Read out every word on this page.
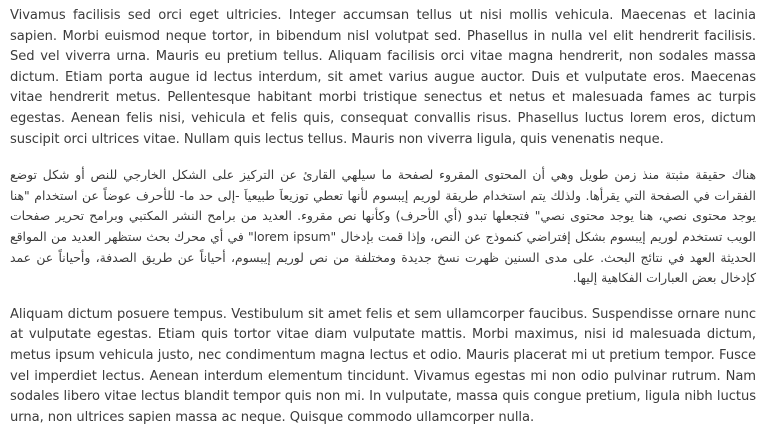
Vivamus facilisis sed orci eget ultricies. Integer accumsan tellus ut nisi mollis vehicula. Maecenas et lacinia sapien. Morbi euismod neque tortor, in bibendum nisl volutpat sed. Phasellus in nulla vel elit hendrerit facilisis. Sed vel viverra urna. Mauris eu pretium tellus. Aliquam facilisis orci vitae magna hendrerit, non sodales massa dictum. Etiam porta augue id lectus interdum, sit amet varius augue auctor. Duis et vulputate eros. Maecenas vitae hendrerit metus. Pellentesque habitant morbi tristique senectus et netus et malesuada fames ac turpis egestas. Aenean felis nisi, vehicula et felis quis, consequat convallis risus. Phasellus luctus lorem eros, dictum suscipit orci ultrices vitae. Nullam quis lectus tellus. Mauris non viverra ligula, quis venenatis neque.

هناك حقيقة مثبتة منذ زمن طويل وهي أن المحتوى المقروء لصفحة ما سيلهي القارئ عن التركيز على الشكل الخارجي للنص أو شكل توضع الفقرات في الصفحة التي يقرأها. ولذلك يتم استخدام طريقة لوريم إيبسوم لأنها تعطي توزيعاَ طبيعياَ -إلى حد ما- للأحرف عوضاً عن استخدام "هنا يوجد محتوى نصي، هنا يوجد محتوى نصي" فتجعلها تبدو (أي الأحرف) وكأنها نص مقروء. العديد من برامح النشر المكتبي وبرامح تحرير صفحات الويب تستخدم لوريم إيبسوم بشكل إفتراضي كنموذج عن النص، وإذا قمت بإدخال "lorem ipsum" في أي محرك بحث ستظهر العديد من المواقع الحديثة العهد في نتائج البحث. على مدى السنين ظهرت نسخ جديدة ومختلفة من نص لوريم إيبسوم، أحياناً عن طريق الصدفة، وأحياناً عن عمد كإدخال بعض العبارات الفكاهية إليها.

Aliquam dictum posuere tempus. Vestibulum sit amet felis et sem ullamcorper faucibus. Suspendisse ornare nunc at vulputate egestas. Etiam quis tortor vitae diam vulputate mattis. Morbi maximus, nisi id malesuada dictum, metus ipsum vehicula justo, nec condimentum magna lectus et odio. Mauris placerat mi ut pretium tempor. Fusce vel imperdiet lectus. Aenean interdum elementum tincidunt. Vivamus egestas mi non odio pulvinar rutrum. Nam sodales libero vitae lectus blandit tempor quis non mi. In vulputate, massa quis congue pretium, ligula nibh luctus urna, non ultrices sapien massa ac neque. Quisque commodo ullamcorper nulla.
